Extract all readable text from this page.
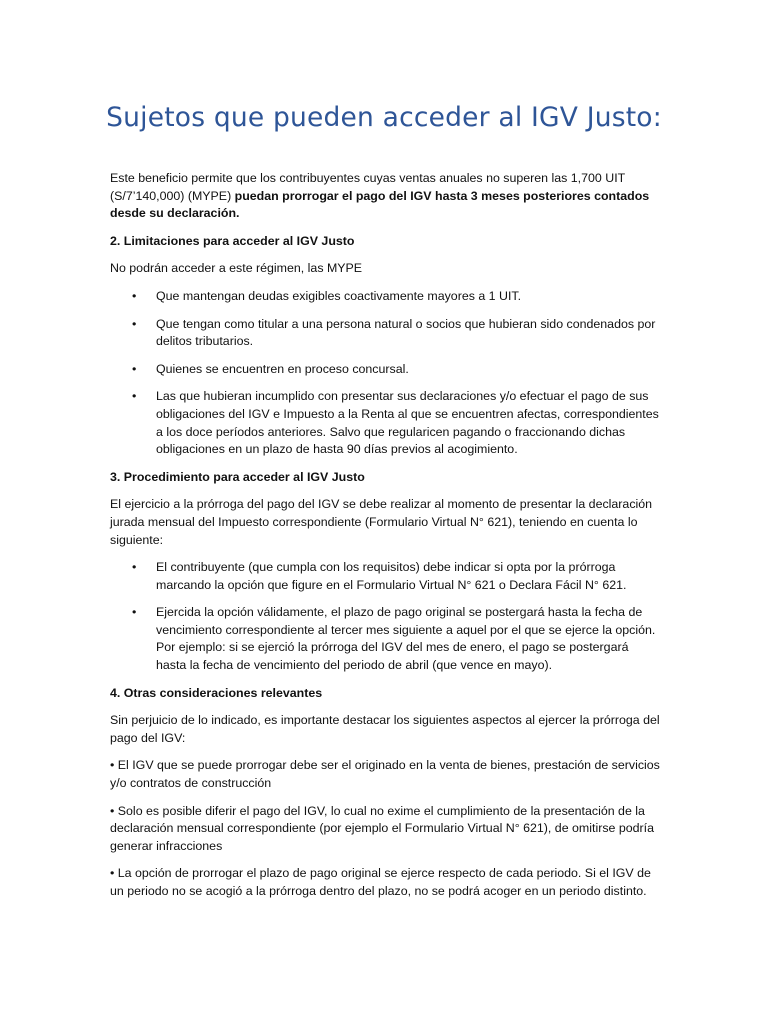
Sujetos que pueden acceder al IGV Justo:

Este beneficio permite que los contribuyentes cuyas ventas anuales no superen las 1,700 UIT (S/7’140,000) (MYPE) puedan prorrogar el pago del IGV hasta 3 meses posteriores contados desde su declaración.

2. Limitaciones para acceder al IGV Justo

No podrán acceder a este régimen, las MYPE

• Que mantengan deudas exigibles coactivamente mayores a 1 UIT.
• Que tengan como titular a una persona natural o socios que hubieran sido condenados por delitos tributarios.
• Quienes se encuentren en proceso concursal.
• Las que hubieran incumplido con presentar sus declaraciones y/o efectuar el pago de sus obligaciones del IGV e Impuesto a la Renta al que se encuentren afectas, correspondientes a los doce períodos anteriores. Salvo que regularicen pagando o fraccionando dichas obligaciones en un plazo de hasta 90 días previos al acogimiento.

3. Procedimiento para acceder al IGV Justo

El ejercicio a la prórroga del pago del IGV se debe realizar al momento de presentar la declaración jurada mensual del Impuesto correspondiente (Formulario Virtual N° 621), teniendo en cuenta lo siguiente:

• El contribuyente (que cumpla con los requisitos) debe indicar si opta por la prórroga marcando la opción que figure en el Formulario Virtual N° 621 o Declara Fácil N° 621.
• Ejercida la opción válidamente, el plazo de pago original se postergará hasta la fecha de vencimiento correspondiente al tercer mes siguiente a aquel por el que se ejerce la opción. Por ejemplo: si se ejerció la prórroga del IGV del mes de enero, el pago se postergará hasta la fecha de vencimiento del periodo de abril (que vence en mayo).

4. Otras consideraciones relevantes

Sin perjuicio de lo indicado, es importante destacar los siguientes aspectos al ejercer la prórroga del pago del IGV:

• El IGV que se puede prorrogar debe ser el originado en la venta de bienes, prestación de servicios y/o contratos de construcción

• Solo es posible diferir el pago del IGV, lo cual no exime el cumplimiento de la presentación de la declaración mensual correspondiente (por ejemplo el Formulario Virtual N° 621), de omitirse podría generar infracciones

• La opción de prorrogar el plazo de pago original se ejerce respecto de cada periodo. Si el IGV de un periodo no se acogió a la prórroga dentro del plazo, no se podrá acoger en un periodo distinto.
